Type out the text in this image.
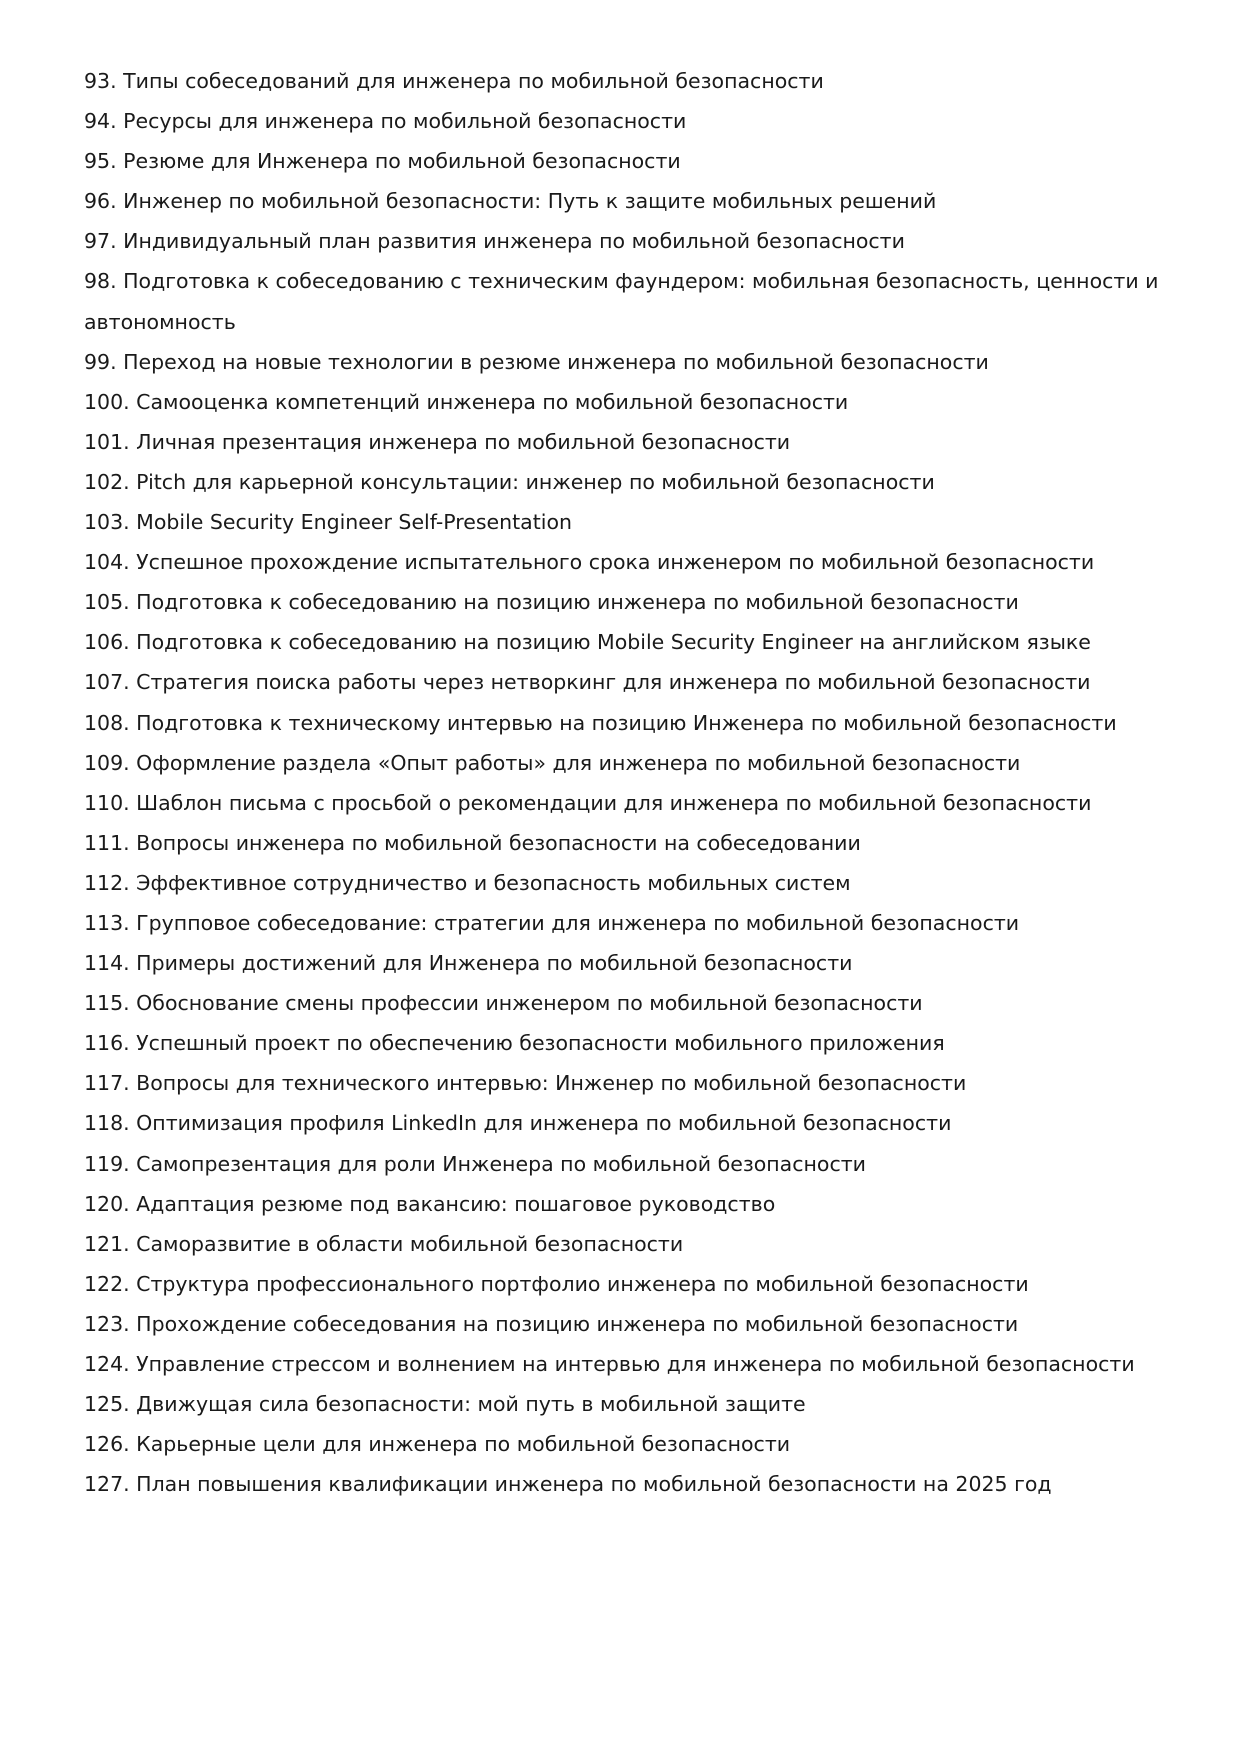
93. Типы собеседований для инженера по мобильной безопасности
94. Ресурсы для инженера по мобильной безопасности
95. Резюме для Инженера по мобильной безопасности
96. Инженер по мобильной безопасности: Путь к защите мобильных решений
97. Индивидуальный план развития инженера по мобильной безопасности
98. Подготовка к собеседованию с техническим фаундером: мобильная безопасность, ценности и автономность
99. Переход на новые технологии в резюме инженера по мобильной безопасности
100. Самооценка компетенций инженера по мобильной безопасности
101. Личная презентация инженера по мобильной безопасности
102. Pitch для карьерной консультации: инженер по мобильной безопасности
103. Mobile Security Engineer Self-Presentation
104. Успешное прохождение испытательного срока инженером по мобильной безопасности
105. Подготовка к собеседованию на позицию инженера по мобильной безопасности
106. Подготовка к собеседованию на позицию Mobile Security Engineer на английском языке
107. Стратегия поиска работы через нетворкинг для инженера по мобильной безопасности
108. Подготовка к техническому интервью на позицию Инженера по мобильной безопасности
109. Оформление раздела «Опыт работы» для инженера по мобильной безопасности
110. Шаблон письма с просьбой о рекомендации для инженера по мобильной безопасности
111. Вопросы инженера по мобильной безопасности на собеседовании
112. Эффективное сотрудничество и безопасность мобильных систем
113. Групповое собеседование: стратегии для инженера по мобильной безопасности
114. Примеры достижений для Инженера по мобильной безопасности
115. Обоснование смены профессии инженером по мобильной безопасности
116. Успешный проект по обеспечению безопасности мобильного приложения
117. Вопросы для технического интервью: Инженер по мобильной безопасности
118. Оптимизация профиля LinkedIn для инженера по мобильной безопасности
119. Самопрезентация для роли Инженера по мобильной безопасности
120. Адаптация резюме под вакансию: пошаговое руководство
121. Саморазвитие в области мобильной безопасности
122. Структура профессионального портфолио инженера по мобильной безопасности
123. Прохождение собеседования на позицию инженера по мобильной безопасности
124. Управление стрессом и волнением на интервью для инженера по мобильной безопасности
125. Движущая сила безопасности: мой путь в мобильной защите
126. Карьерные цели для инженера по мобильной безопасности
127. План повышения квалификации инженера по мобильной безопасности на 2025 год
